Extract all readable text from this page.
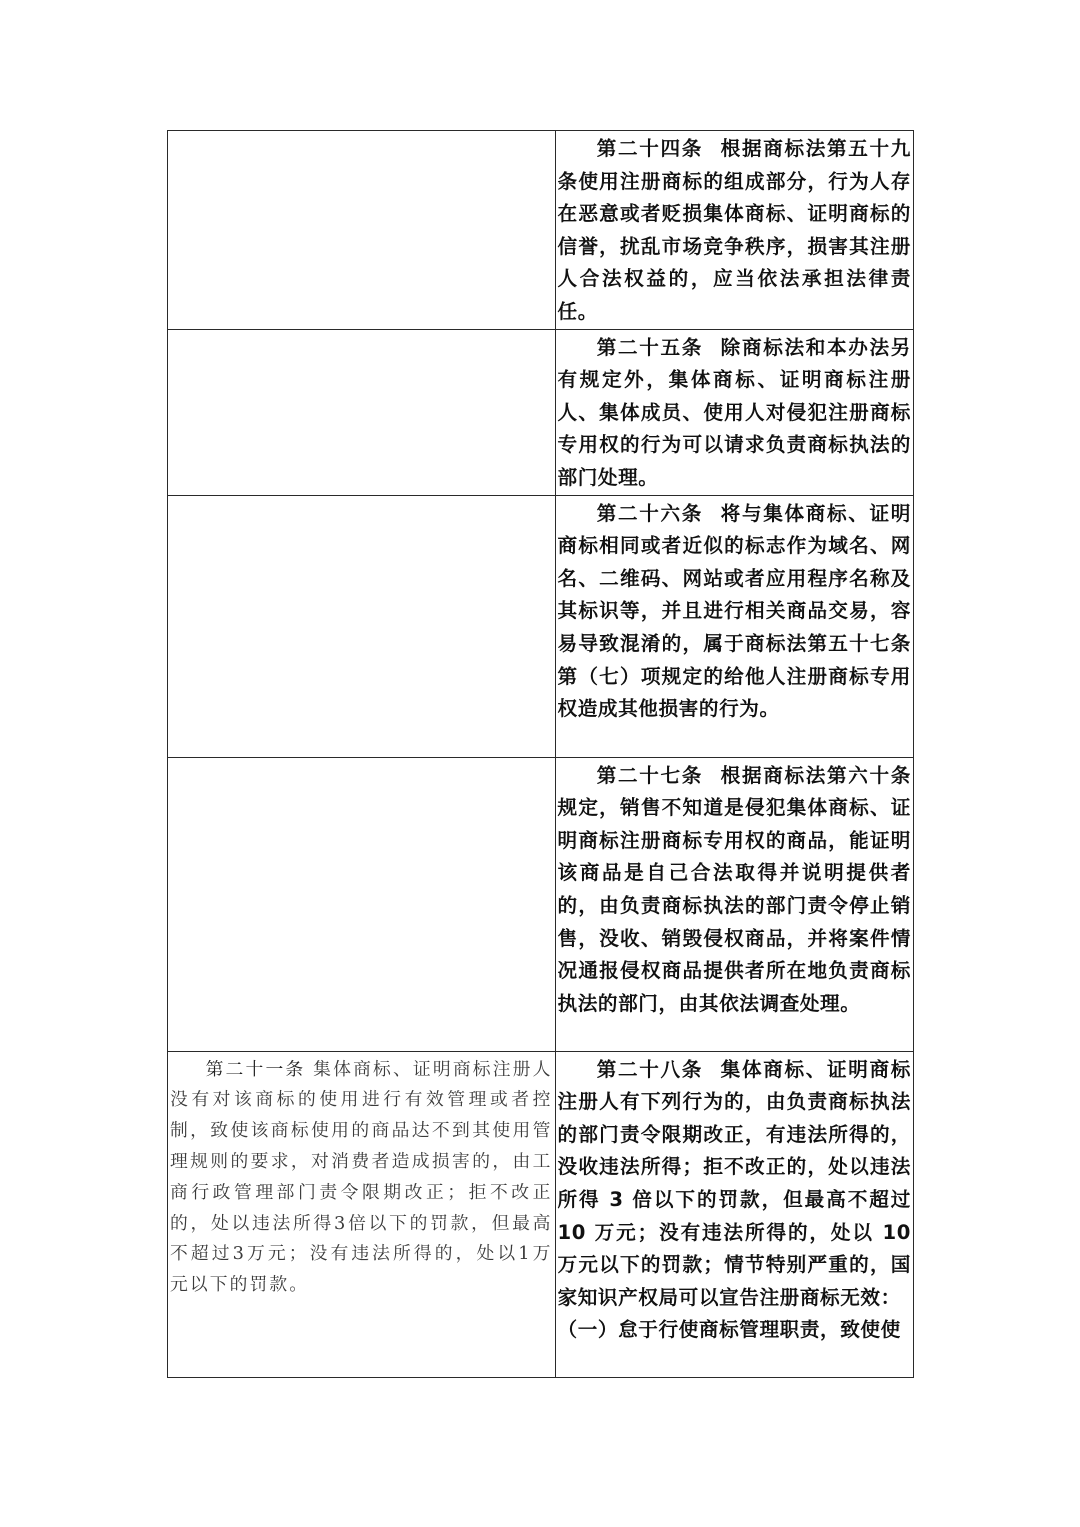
	第二十四条 根据商标法第五十九条使用注册商标的组成部分，行为人存在恶意或者贬损集体商标、证明商标的信誉，扰乱市场竞争秩序，损害其注册人合法权益的，应当依法承担法律责任。

	第二十五条 除商标法和本办法另有规定外，集体商标、证明商标注册人、集体成员、使用人对侵犯注册商标专用权的行为可以请求负责商标执法的部门处理。

	第二十六条 将与集体商标、证明商标相同或者近似的标志作为域名、网名、二维码、网站或者应用程序名称及其标识等，并且进行相关商品交易，容易导致混淆的，属于商标法第五十七条第（七）项规定的给他人注册商标专用权造成其他损害的行为。

	第二十七条 根据商标法第六十条规定，销售不知道是侵犯集体商标、证明商标注册商标专用权的商品，能证明该商品是自己合法取得并说明提供者的，由负责商标执法的部门责令停止销售，没收、销毁侵权商品，并将案件情况通报侵权商品提供者所在地负责商标执法的部门，由其依法调查处理。

第二十一条 集体商标、证明商标注册人没有对该商标的使用进行有效管理或者控制，致使该商标使用的商品达不到其使用管理规则的要求，对消费者造成损害的，由工商行政管理部门责令限期改正；拒不改正的，处以违法所得3倍以下的罚款，但最高不超过3万元；没有违法所得的，处以1万元以下的罚款。	第二十八条 集体商标、证明商标注册人有下列行为的，由负责商标执法的部门责令限期改正，有违法所得的，没收违法所得；拒不改正的，处以违法所得 3 倍以下的罚款，但最高不超过 10 万元；没有违法所得的，处以 10 万元以下的罚款；情节特别严重的，国家知识产权局可以宣告注册商标无效：

（一）怠于行使商标管理职责，致使使
